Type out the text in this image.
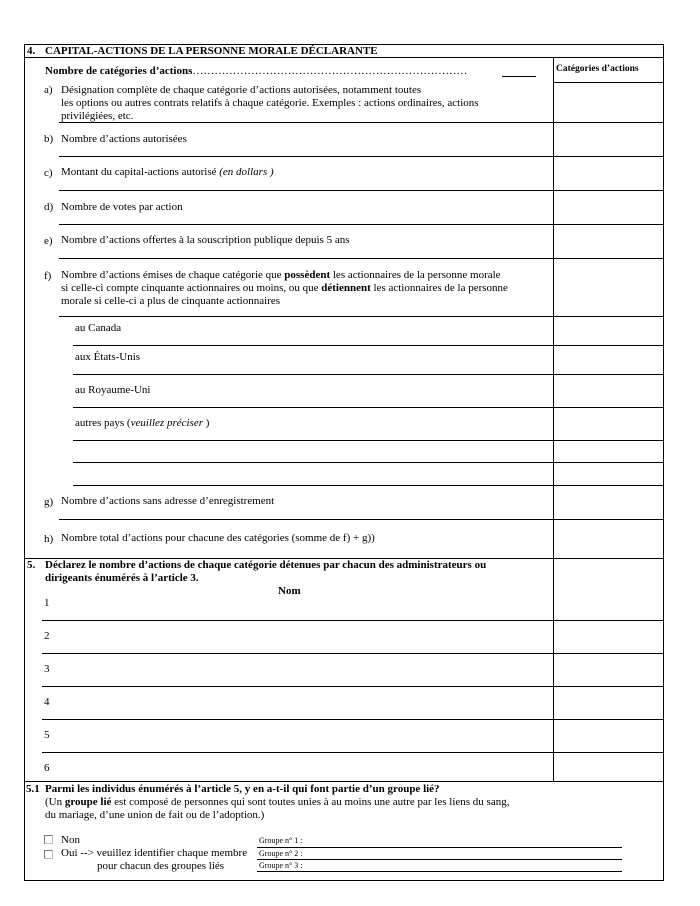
4. CAPITAL-ACTIONS DE LA PERSONNE MORALE DÉCLARANTE
Nombre de catégories d’actions…………………………………………………………………	Catégories d’actions
a) Désignation complète de chaque catégorie d’actions autorisées, notamment toutes
les options ou autres contrats relatifs à chaque catégorie. Exemples : actions ordinaires, actions
privilégiées, etc.
b) Nombre d’actions autorisées
c) Montant du capital-actions autorisé (en dollars )
d) Nombre de votes par action
e) Nombre d’actions offertes à la souscription publique depuis 5 ans
f) Nombre d’actions émises de chaque catégorie que possèdent les actionnaires de la personne morale
si celle-ci compte cinquante actionnaires ou moins, ou que détiennent les actionnaires de la personne
morale si celle-ci a plus de cinquante actionnaires
au Canada
aux États-Unis
au Royaume-Uni
autres pays (veuillez préciser )
g) Nombre d’actions sans adresse d’enregistrement
h) Nombre total d’actions pour chacune des catégories (somme de f) + g))
5. Déclarez le nombre d’actions de chaque catégorie détenues par chacun des administrateurs ou
dirigeants énumérés à l’article 3.
Nom
1
2
3
4
5
6
5.1 Parmi les individus énumérés à l’article 5, y en a-t-il qui font partie d’un groupe lié?
(Un groupe lié est composé de personnes qui sont toutes unies à au moins une autre par les liens du sang,
du mariage, d’une union de fait ou de l’adoption.)
Non
Oui --> veuillez identifier chaque membre
pour chacun des groupes liés
Groupe n° 1 :
Groupe n° 2 :
Groupe n° 3 :
